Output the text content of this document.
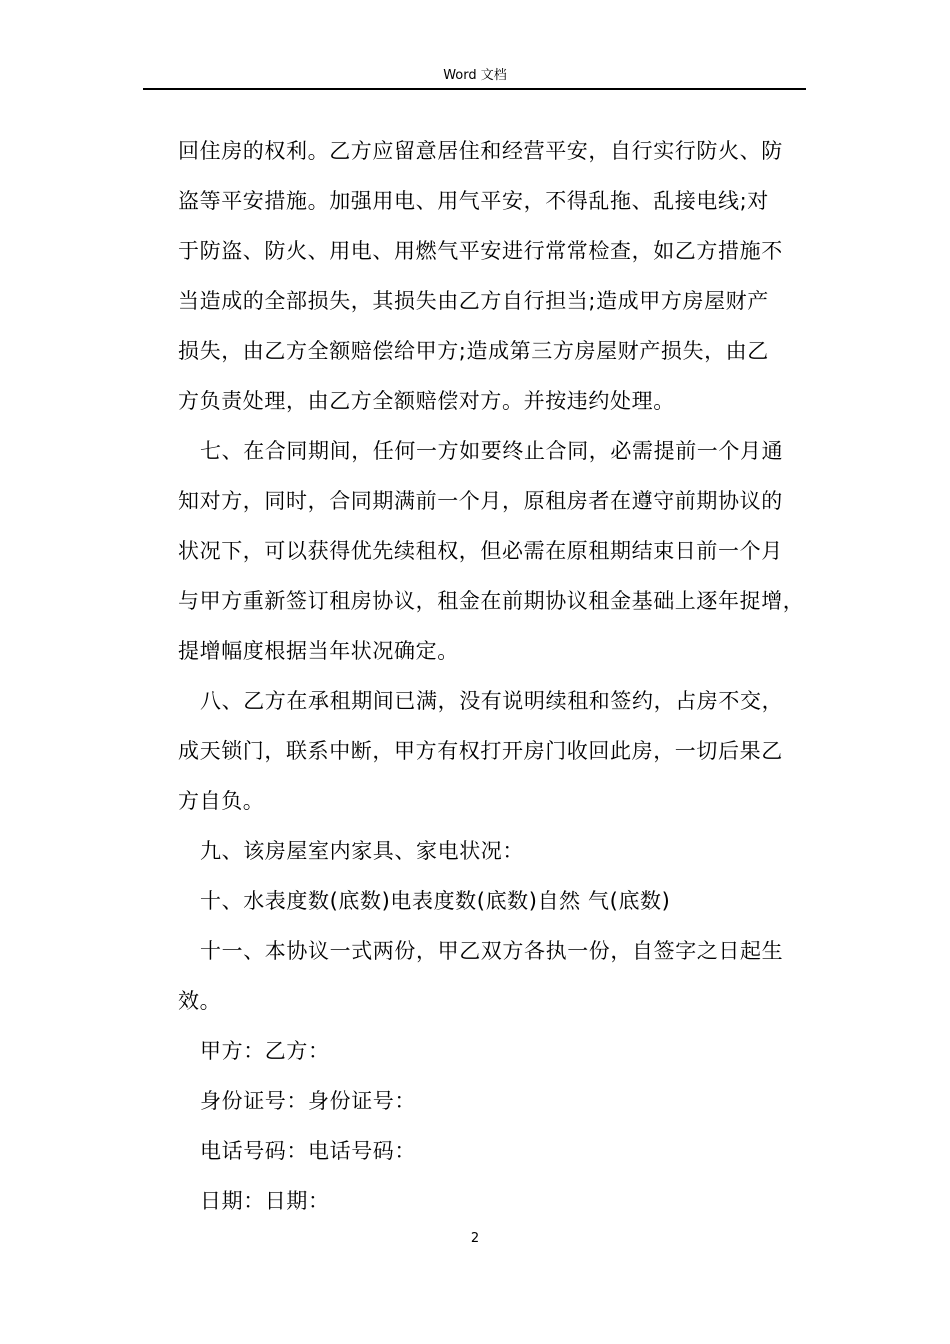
Word 文档
回住房的权利。乙方应留意居住和经营平安，自行实行防火、防
盗等平安措施。加强用电、用气平安，不得乱拖、乱接电线;对
于防盗、防火、用电、用燃气平安进行常常检查，如乙方措施不
当造成的全部损失，其损失由乙方自行担当;造成甲方房屋财产
损失，由乙方全额赔偿给甲方;造成第三方房屋财产损失，由乙
方负责处理，由乙方全额赔偿对方。并按违约处理。
七、在合同期间，任何一方如要终止合同，必需提前一个月通
知对方，同时，合同期满前一个月，原租房者在遵守前期协议的
状况下，可以获得优先续租权，但必需在原租期结束日前一个月
与甲方重新签订租房协议，租金在前期协议租金基础上逐年捉增，
提增幅度根据当年状况确定。
八、乙方在承租期间已满，没有说明续租和签约，占房不交，
成天锁门，联系中断，甲方有权打开房门收回此房，一切后果乙
方自负。
九、该房屋室内家具、家电状况：
十、水表度数(底数)电表度数(底数)自然 气(底数)
十一、本协议一式两份，甲乙双方各执一份，自签字之日起生
效。
甲方：乙方：
身份证号：身份证号：
电话号码：电话号码：
日期：日期：
2
